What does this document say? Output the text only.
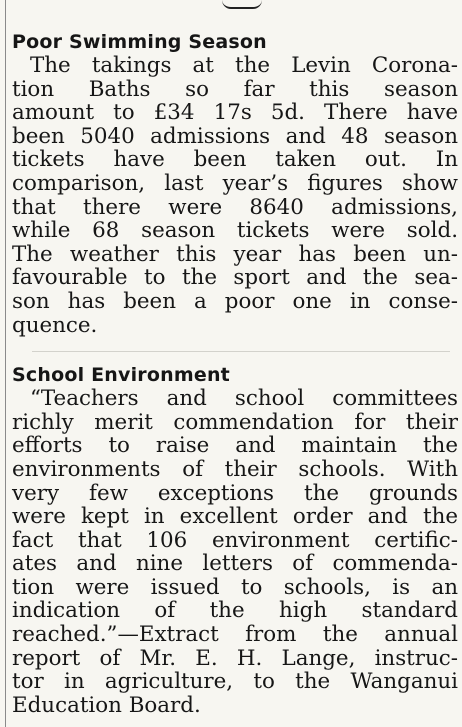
Poor Swimming Season

The takings at the Levin Corona-
tion Baths so far this season
amount to £34 17s 5d. There have
been 5040 admissions and 48 season
tickets have been taken out. In
comparison, last year’s figures show
that there were 8640 admissions,
while 68 season tickets were sold.
The weather this year has been un-
favourable to the sport and the sea-
son has been a poor one in conse-
quence.

School Environment

“Teachers and school committees
richly merit commendation for their
efforts to raise and maintain the
environments of their schools. With
very few exceptions the grounds
were kept in excellent order and the
fact that 106 environment certific-
ates and nine letters of commenda-
tion were issued to schools, is an
indication of the high standard
reached.”—Extract from the annual
report of Mr. E. H. Lange, instruc-
tor in agriculture, to the Wanganui
Education Board.
